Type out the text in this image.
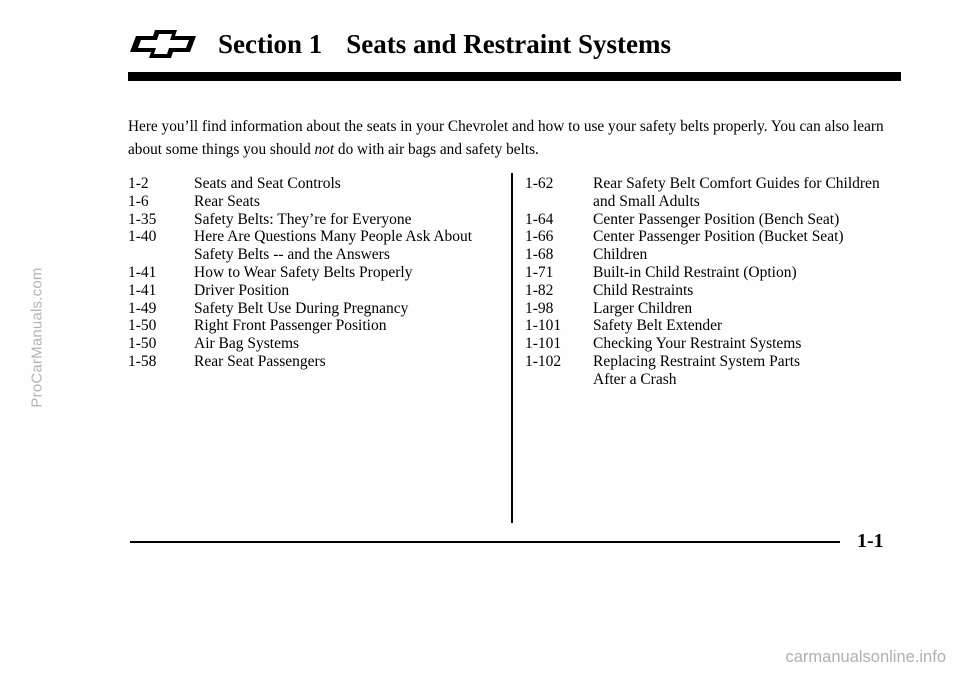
ProCarManuals.com
Section 1 Seats and Restraint Systems

Here you’ll find information about the seats in your Chevrolet and how to use your safety belts properly. You can also learn about some things you should not do with air bags and safety belts.

1-2	Seats and Seat Controls
1-6	Rear Seats
1-35	Safety Belts: They’re for Everyone
1-40	Here Are Questions Many People Ask About
Safety Belts -- and the Answers
1-41	How to Wear Safety Belts Properly
1-41	Driver Position
1-49	Safety Belt Use During Pregnancy
1-50	Right Front Passenger Position
1-50	Air Bag Systems
1-58	Rear Seat Passengers
1-62	Rear Safety Belt Comfort Guides for Children
and Small Adults
1-64	Center Passenger Position (Bench Seat)
1-66	Center Passenger Position (Bucket Seat)
1-68	Children
1-71	Built-in Child Restraint (Option)
1-82	Child Restraints
1-98	Larger Children
1-101	Safety Belt Extender
1-101	Checking Your Restraint Systems
1-102	Replacing Restraint System Parts
After a Crash
1-1
carmanualsonline.info
